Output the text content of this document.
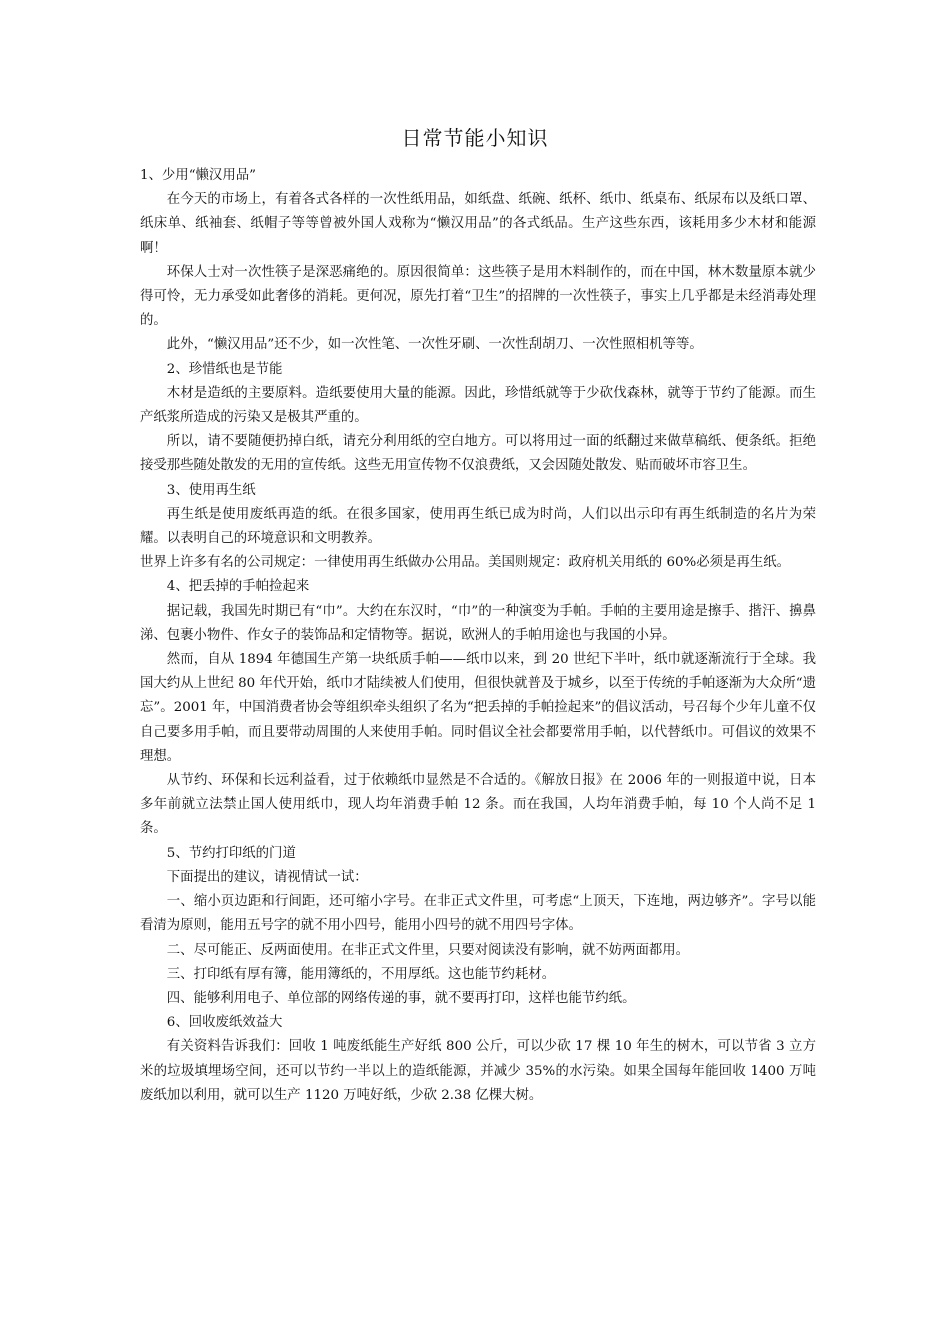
日常节能小知识

1、少用“懒汉用品”

在今天的市场上，有着各式各样的一次性纸用品，如纸盘、纸碗、纸杯、纸巾、纸桌布、纸尿布以及纸口罩、纸床单、纸袖套、纸帽子等等曾被外国人戏称为“懒汉用品”的各式纸品。生产这些东西，该耗用多少木材和能源啊！

环保人士对一次性筷子是深恶痛绝的。原因很简单：这些筷子是用木料制作的，而在中国，林木数量原本就少得可怜，无力承受如此奢侈的消耗。更何况，原先打着“卫生”的招牌的一次性筷子，事实上几乎都是未经消毒处理的。

此外，“懒汉用品”还不少，如一次性笔、一次性牙刷、一次性刮胡刀、一次性照相机等等。

2、珍惜纸也是节能

木材是造纸的主要原料。造纸要使用大量的能源。因此，珍惜纸就等于少砍伐森林，就等于节约了能源。而生产纸浆所造成的污染又是极其严重的。

所以，请不要随便扔掉白纸，请充分利用纸的空白地方。可以将用过一面的纸翻过来做草稿纸、便条纸。拒绝接受那些随处散发的无用的宣传纸。这些无用宣传物不仅浪费纸，又会因随处散发、贴而破坏市容卫生。

3、使用再生纸

再生纸是使用废纸再造的纸。在很多国家，使用再生纸已成为时尚，人们以出示印有再生纸制造的名片为荣耀。以表明自己的环境意识和文明教养。

世界上许多有名的公司规定：一律使用再生纸做办公用品。美国则规定：政府机关用纸的 60%必须是再生纸。

4、把丢掉的手帕捡起来

据记载，我国先时期已有“巾”。大约在东汉时，“巾”的一种演变为手帕。手帕的主要用途是擦手、揩汗、擤鼻涕、包裹小物件、作女子的装饰品和定情物等。据说，欧洲人的手帕用途也与我国的小异。

然而，自从 1894 年德国生产第一块纸质手帕——纸巾以来，到 20 世纪下半叶，纸巾就逐渐流行于全球。我国大约从上世纪 80 年代开始，纸巾才陆续被人们使用，但很快就普及于城乡，以至于传统的手帕逐渐为大众所“遗忘”。2001 年，中国消费者协会等组织牵头组织了名为“把丢掉的手帕捡起来”的倡议活动，号召每个少年儿童不仅自己要多用手帕，而且要带动周围的人来使用手帕。同时倡议全社会都要常用手帕，以代替纸巾。可倡议的效果不理想。

从节约、环保和长远利益看，过于依赖纸巾显然是不合适的。《解放日报》在 2006 年的一则报道中说，日本多年前就立法禁止国人使用纸巾，现人均年消费手帕 12 条。而在我国，人均年消费手帕，每 10 个人尚不足 1 条。

5、节约打印纸的门道

下面提出的建议，请视情试一试：

一、缩小页边距和行间距，还可缩小字号。在非正式文件里，可考虑“上顶天，下连地，两边够齐”。字号以能看清为原则，能用五号字的就不用小四号，能用小四号的就不用四号字体。

二、尽可能正、反两面使用。在非正式文件里，只要对阅读没有影响，就不妨两面都用。

三、打印纸有厚有簿，能用簿纸的，不用厚纸。这也能节约耗材。

四、能够利用电子、单位部的网络传递的事，就不要再打印，这样也能节约纸。

6、回收废纸效益大

有关资料告诉我们：回收 1 吨废纸能生产好纸 800 公斤，可以少砍 17 棵 10 年生的树木，可以节省 3 立方米的垃圾填埋场空间，还可以节约一半以上的造纸能源，并减少 35%的水污染。如果全国每年能回收 1400 万吨废纸加以利用，就可以生产 1120 万吨好纸，少砍 2.38 亿棵大树。
